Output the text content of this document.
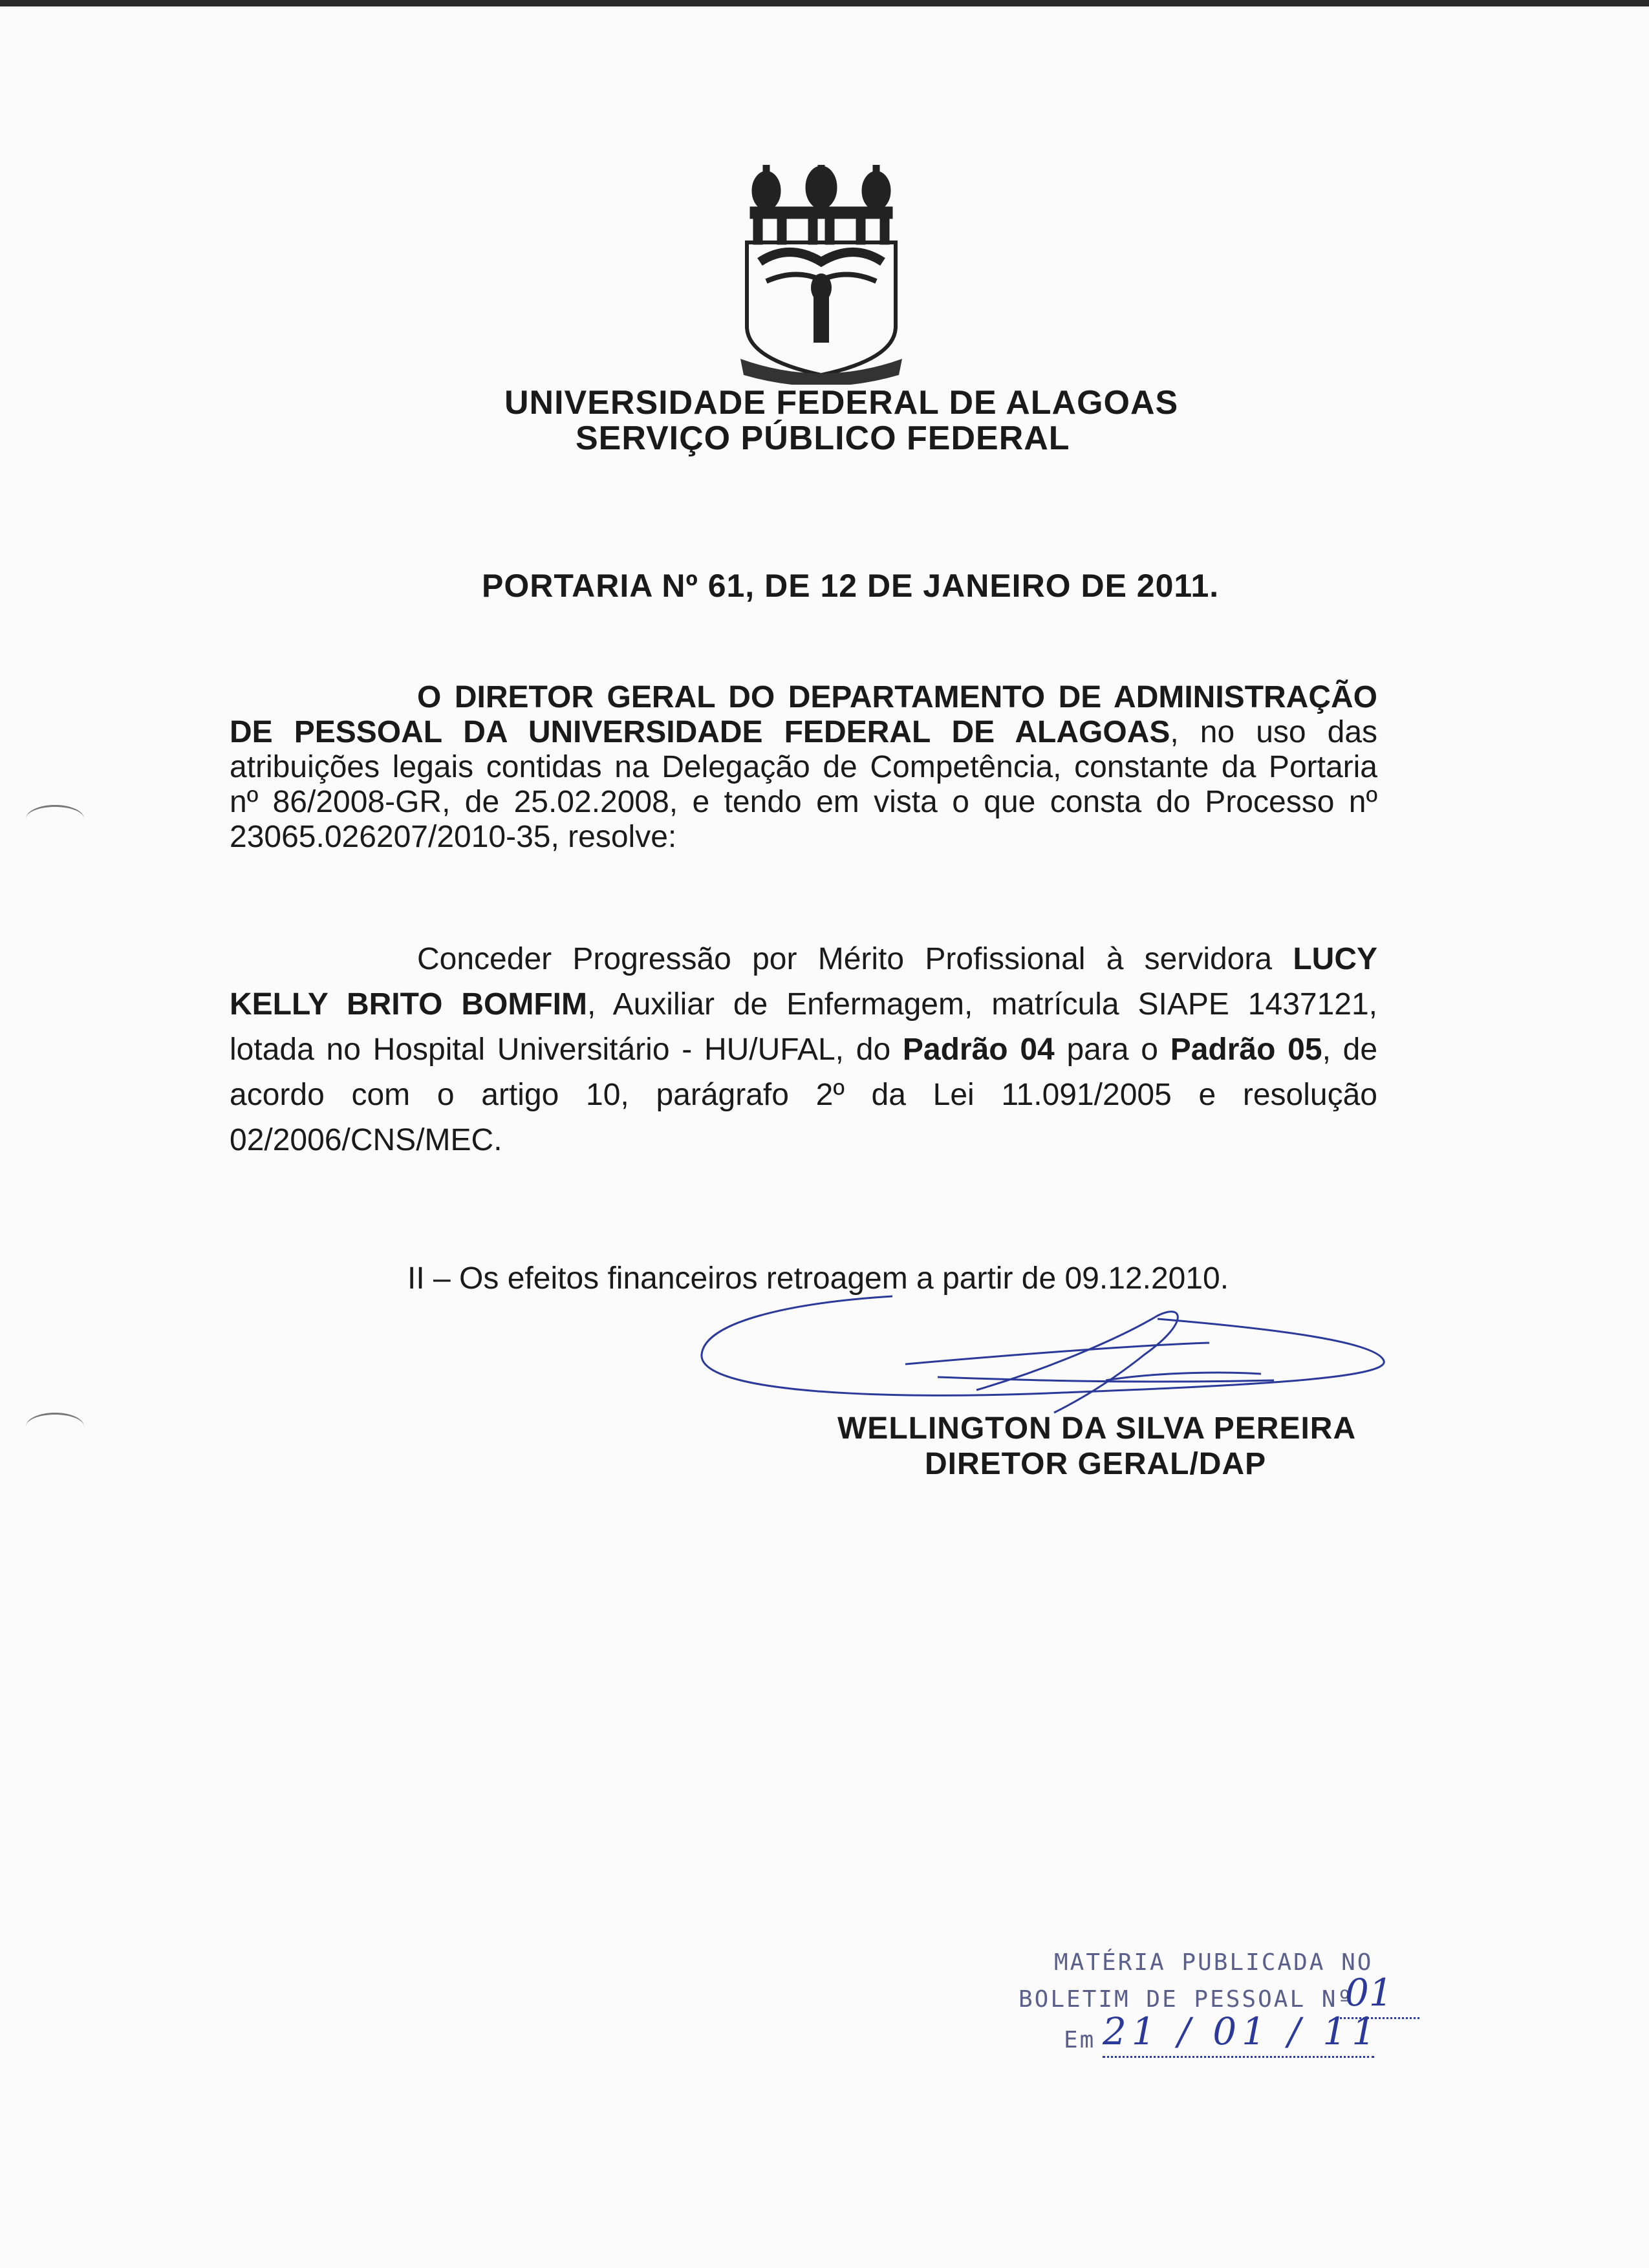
UNIVERSIDADE FEDERAL DE ALAGOAS
SERVIÇO PÚBLICO FEDERAL
PORTARIA Nº 61, DE 12 DE JANEIRO DE 2011.
O DIRETOR GERAL DO DEPARTAMENTO DE ADMINISTRAÇÃO DE PESSOAL DA UNIVERSIDADE FEDERAL DE ALAGOAS, no uso das atribuições legais contidas na Delegação de Competência, constante da Portaria nº 86/2008-GR, de 25.02.2008, e tendo em vista o que consta do Processo nº 23065.026207/2010-35, resolve:
Conceder Progressão por Mérito Profissional à servidora LUCY KELLY BRITO BOMFIM, Auxiliar de Enfermagem, matrícula SIAPE 1437121, lotada no Hospital Universitário - HU/UFAL, do Padrão 04 para o Padrão 05, de acordo com o artigo 10, parágrafo 2º da Lei 11.091/2005 e resolução 02/2006/CNS/MEC.
II – Os efeitos financeiros retroagem a partir de 09.12.2010.
WELLINGTON DA SILVA PEREIRA
DIRETOR GERAL/DAP
MATÉRIA PUBLICADA NO
BOLETIM DE PESSOAL Nº
Em
01
21 / 01 / 11
